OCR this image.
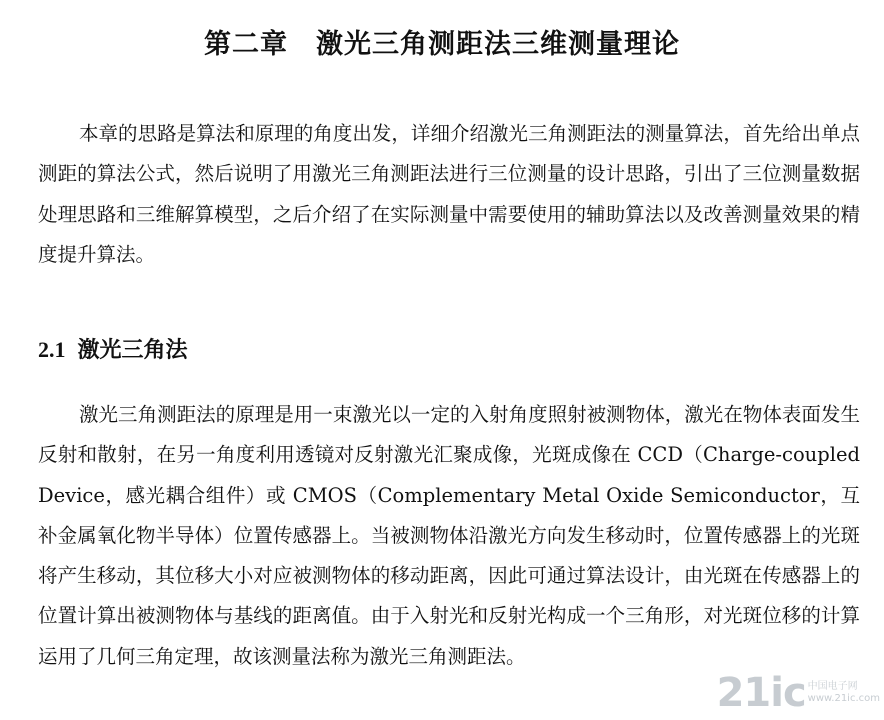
第二章　激光三角测距法三维测量理论

本章的思路是算法和原理的角度出发，详细介绍激光三角测距法的测量算法，首先给出单点测距的算法公式，然后说明了用激光三角测距法进行三位测量的设计思路，引出了三位测量数据处理思路和三维解算模型，之后介绍了在实际测量中需要使用的辅助算法以及改善测量效果的精度提升算法。

2.1 激光三角法

激光三角测距法的原理是用一束激光以一定的入射角度照射被测物体，激光在物体表面发生反射和散射，在另一角度利用透镜对反射激光汇聚成像，光斑成像在 CCD（Charge-coupled Device，感光耦合组件）或 CMOS（Complementary Metal Oxide Semiconductor，互补金属氧化物半导体）位置传感器上。当被测物体沿激光方向发生移动时，位置传感器上的光斑将产生移动，其位移大小对应被测物体的移动距离，因此可通过算法设计，由光斑在传感器上的位置计算出被测物体与基线的距离值。由于入射光和反射光构成一个三角形，对光斑位移的计算运用了几何三角定理，故该测量法称为激光三角测距法。

21ic 中国电子网
www.21ic.com
